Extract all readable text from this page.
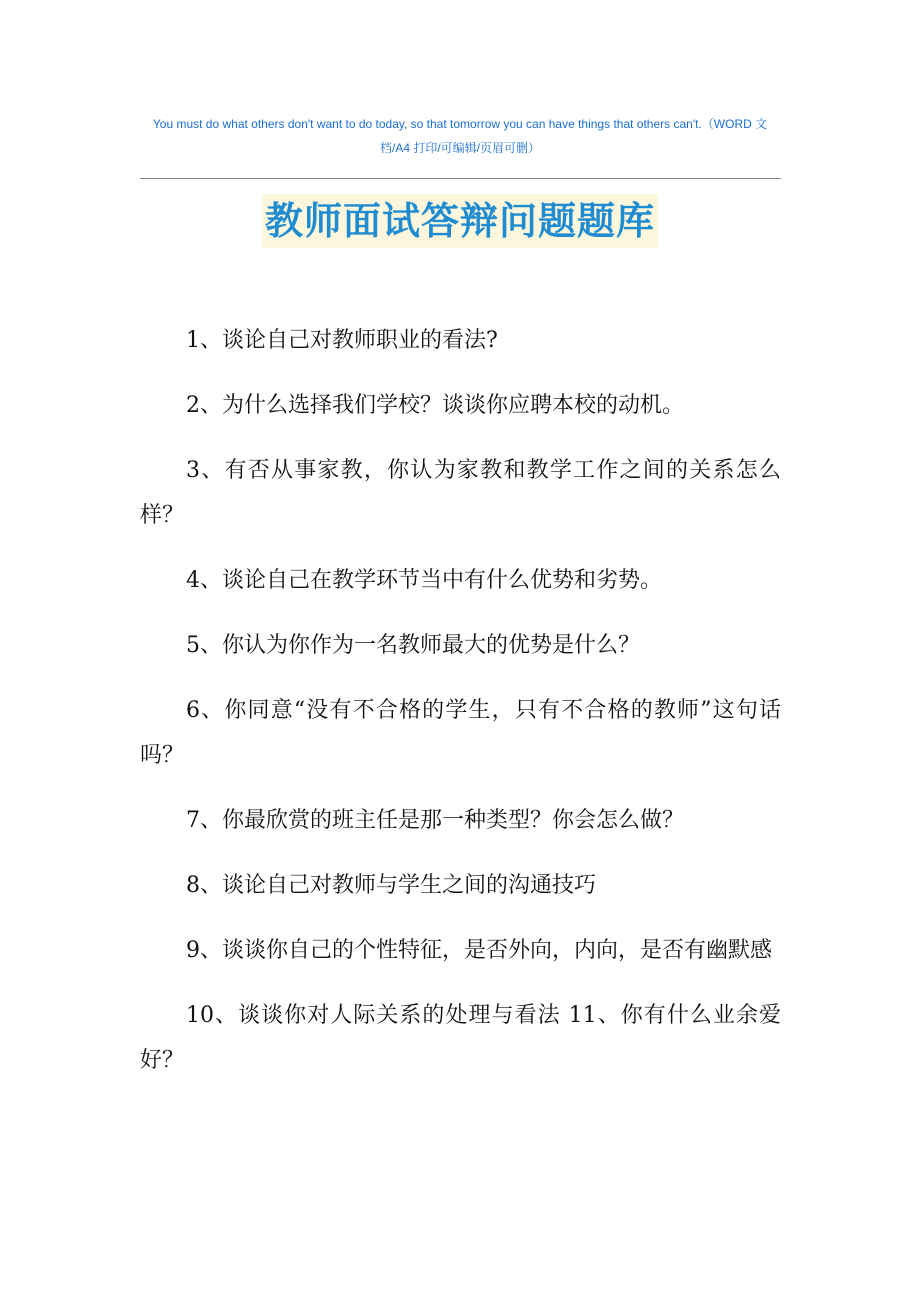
You must do what others don't want to do today, so that tomorrow you can have things that others can't.（WORD 文档/A4 打印/可编辑/页眉可删）
教师面试答辩问题题库
1、谈论自己对教师职业的看法?
2、为什么选择我们学校？谈谈你应聘本校的动机。
3、有否从事家教，你认为家教和教学工作之间的关系怎么样？
4、谈论自己在教学环节当中有什么优势和劣势。
5、你认为你作为一名教师最大的优势是什么？
6、你同意“没有不合格的学生，只有不合格的教师”这句话吗？
7、你最欣赏的班主任是那一种类型？你会怎么做？
8、谈论自己对教师与学生之间的沟通技巧
9、谈谈你自己的个性特征，是否外向，内向，是否有幽默感
10、谈谈你对人际关系的处理与看法 11、你有什么业余爱好？
